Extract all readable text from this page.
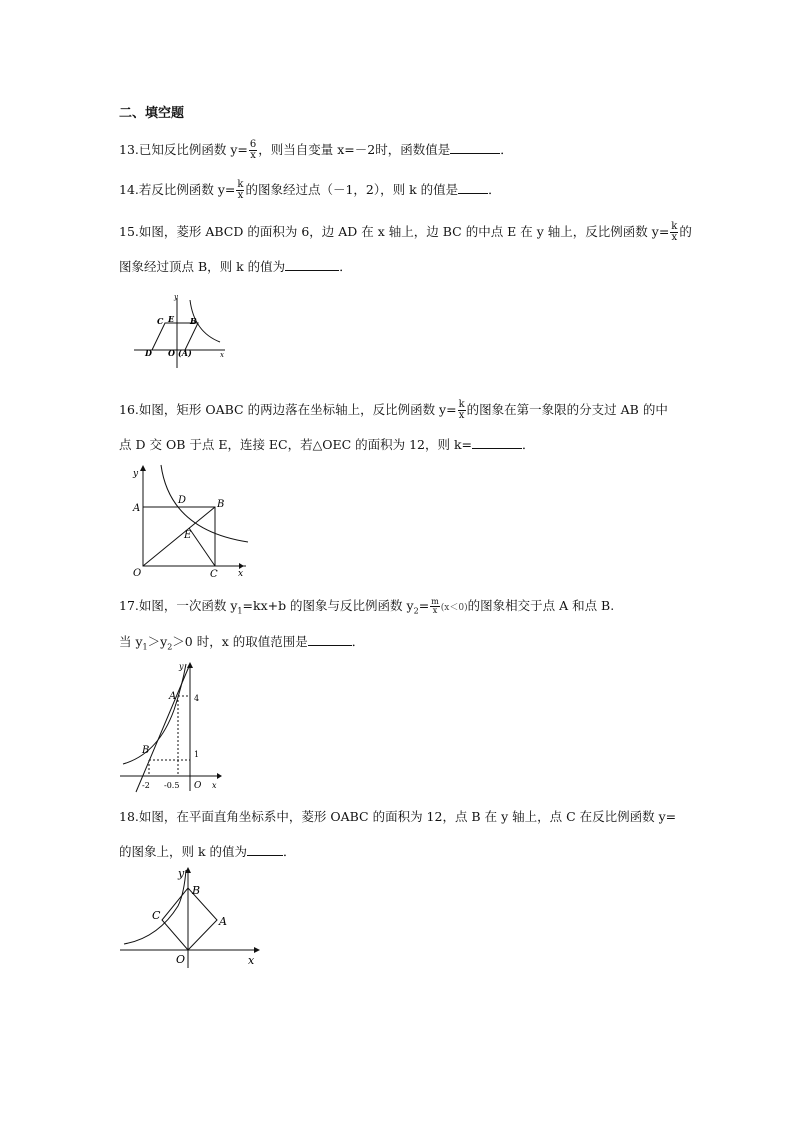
二、填空题
13.已知反比例函数 $y= \frac{6}{x}$ ，则当自变量 x=－2时，函数值是	．
14.若反比例函数 $y= \frac{k}{x}$ 的图象经过点（－1，2），则 k 的值是 ．
15.如图，菱形 ABCD 的面积为 6，边 AD 在 x 轴上，边 BC 的中点 E 在 y 轴上，反比例函数 $y= \frac{k}{x}$ 的
图象经过顶点 B，则 k 的值为	．
y
x
C E B
D O (A)
16.如图，矩形 OABC 的两边落在坐标轴上，反比例函数 $y= \frac{k}{x}$ 的图象在第一象限的分支过 AB 的中
点 D 交 OB 于点 E，连接 EC，若△OEC 的面积为 12，则 k=	．
y
x
A
D	B
E
O	C
17.如图，一次函数 $y_1=kx+b$ 的图象与反比例函数 $y_2= \frac{m}{x} (x<0)$的图象相交于点 A 和点 B.
当 $y_1>y_2>0$ 时，x 的取值范围是	．
y
x
A
B
4
1
-2 -0.5 O
18.如图，在平面直角坐标系中，菱形 OABC 的面积为 12，点 B 在 y 轴上，点 C 在反比例函数 y=
的图象上，则 k 的值为	．
y
x
B
C	A
O
